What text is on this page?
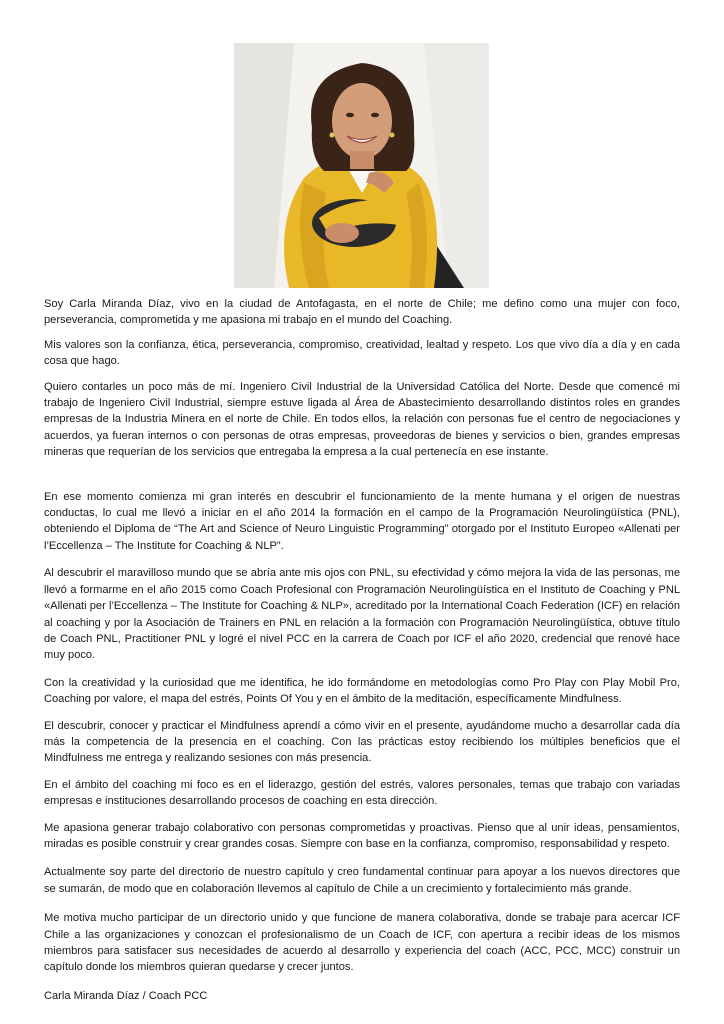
Soy Carla Miranda Díaz, vivo en la ciudad de Antofagasta, en el norte de Chile; me defino como una mujer con foco, perseverancia, comprometida y me apasiona mi trabajo en el mundo del Coaching.

Mis valores son la confianza, ética, perseverancia, compromiso, creatividad, lealtad y respeto. Los que vivo día a día y en cada cosa que hago.

Quiero contarles un poco más de mí. Ingeniero Civil Industrial de la Universidad Católica del Norte. Desde que comencé mi trabajo de Ingeniero Civil Industrial, siempre estuve ligada al Área de Abastecimiento desarrollando distintos roles en grandes empresas de la Industria Minera en el norte de Chile. En todos ellos, la relación con personas fue el centro de negociaciones y acuerdos, ya fueran internos o con personas de otras empresas, proveedoras de bienes y servicios o bien, grandes empresas mineras que requerían de los servicios que entregaba la empresa a la cual pertenecía en ese instante.

En ese momento comienza mi gran interés en descubrir el funcionamiento de la mente humana y el origen de nuestras conductas, lo cual me llevó a iniciar en el año 2014 la formación en el campo de la Programación Neurolingüística (PNL), obteniendo el Diploma de “The Art and Science of Neuro Linguistic Programming” otorgado por el Instituto Europeo «Allenati per l’Eccellenza – The Institute for Coaching & NLP”.

Al descubrir el maravilloso mundo que se abría ante mis ojos con PNL, su efectividad y cómo mejora la vida de las personas, me llevó a formarme en el año 2015 como Coach Profesional con Programación Neurolingüística en el Instituto de Coaching y PNL «Allenati per l’Eccellenza – The Institute for Coaching & NLP», acreditado por la International Coach Federation (ICF) en relación al coaching y por la Asociación de Trainers en PNL en relación a la formación con Programación Neurolingüística, obtuve título de Coach PNL, Practitioner PNL y logré el nivel PCC en la carrera de Coach por ICF el año 2020, credencial que renové hace muy poco.

Con la creatividad y la curiosidad que me identifica, he ido formándome en metodologías como Pro Play con Play Mobil Pro, Coaching por valore, el mapa del estrés, Points Of You y en el ámbito de la meditación, específicamente Mindfulness.

El descubrir, conocer y practicar el Mindfulness aprendí a cómo vivir en el presente, ayudándome mucho a desarrollar cada día más la competencia de la presencia en el coaching. Con las prácticas estoy recibiendo los múltiples beneficios que el Mindfulness me entrega y realizando sesiones con más presencia.

En el ámbito del coaching mi foco es en el liderazgo, gestión del estrés, valores personales, temas que trabajo con variadas empresas e instituciones desarrollando procesos de coaching en esta dirección.

Me apasiona generar trabajo colaborativo con personas comprometidas y proactivas. Pienso que al unir ideas, pensamientos, miradas es posible construir y crear grandes cosas. Siempre con base en la confianza, compromiso, responsabilidad y respeto.

Actualmente soy parte del directorio de nuestro capítulo y creo fundamental continuar para apoyar a los nuevos directores que se sumarán, de modo que en colaboración llevemos al capítulo de Chile a un crecimiento y fortalecimiento más grande.

Me motiva mucho participar de un directorio unido y que funcione de manera colaborativa, donde se trabaje para acercar ICF Chile a las organizaciones y conozcan el profesionalismo de un Coach de ICF, con apertura a recibir ideas de los mismos miembros para satisfacer sus necesidades de acuerdo al desarrollo y experiencia del coach (ACC, PCC, MCC) construir un capítulo donde los miembros quieran quedarse y crecer juntos.

Carla Miranda Díaz / Coach PCC
